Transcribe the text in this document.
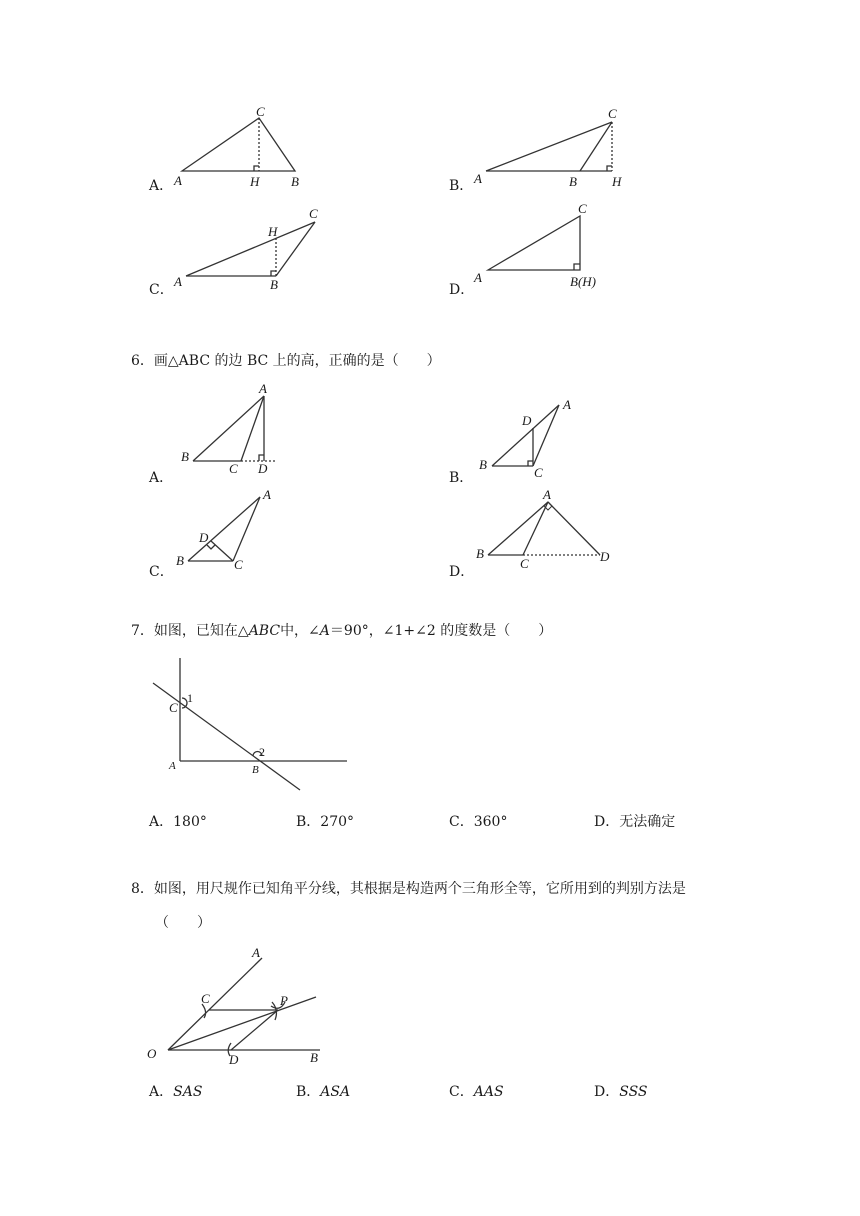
A．
C
A	H B	B．
C
A	B	H
C．
C
H
A	B	D．
C
A	B(H)
6．画△ABC 的边 BC 上的高，正确的是（　　）
A．
A
B
C D
B．
A
D
B
C
C．
A
D
B	C	D．
A
B
C	D
7．如图，已知在△ABC中，∠A＝90°，∠1+∠2 的度数是（　　）
1
2
C
A	B
A．180°	B．270°	C．360°	D．无法确定
8．如图，用尺规作已知角平分线，其根据是构造两个三角形全等，它所用到的判别方法是
（　　）
A
C	P
O	D	B
A．SAS	B．ASA	C．AAS	D．SSS
